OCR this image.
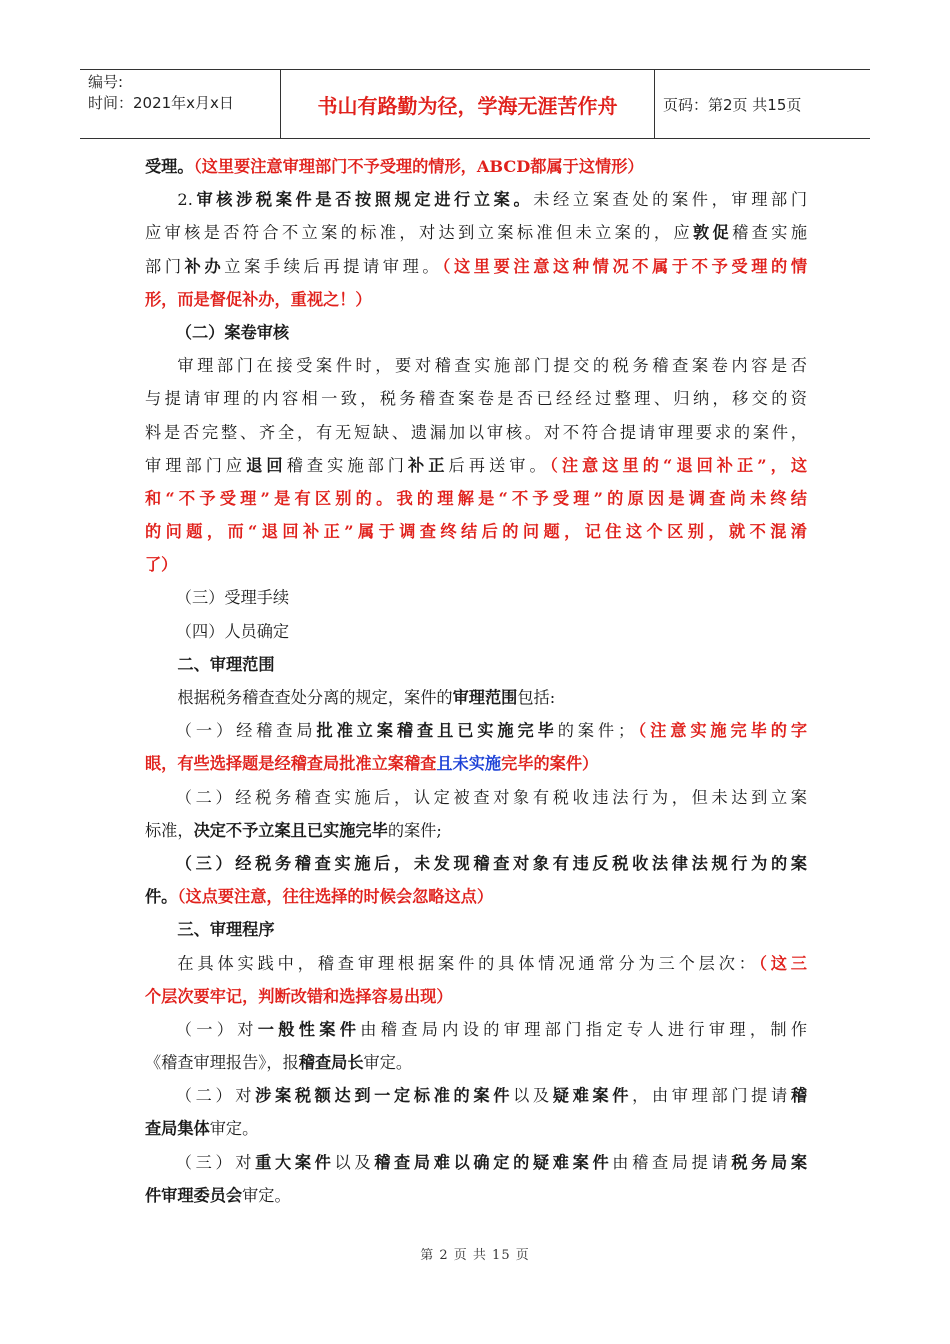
编号:
时间：2021年x月x日	书山有路勤为径，学海无涯苦作舟	页码：第2页 共15页
受理。（这里要注意审理部门不予受理的情形，ABCD都属于这情形）
2.审核涉税案件是否按照规定进行立案。未经立案查处的案件，审理部门
应审核是否符合不立案的标准，对达到立案标准但未立案的，应敦促稽查实施
部门补办立案手续后再提请审理。（这里要注意这种情况不属于不予受理的情
形，而是督促补办，重视之！）
（二）案卷审核
审理部门在接受案件时，要对稽查实施部门提交的税务稽查案卷内容是否
与提请审理的内容相一致，税务稽查案卷是否已经经过整理、归纳，移交的资
料是否完整、齐全，有无短缺、遗漏加以审核。对不符合提请审理要求的案件，
审理部门应退回稽查实施部门补正后再送审。（注意这里的“退回补正”，这
和“不予受理”是有区别的。我的理解是“不予受理”的原因是调查尚未终结
的问题，而“退回补正”属于调查终结后的问题，记住这个区别，就不混淆
了）
（三）受理手续
（四）人员确定
二、审理范围
根据税务稽查查处分离的规定，案件的审理范围包括:
（一）经稽查局批准立案稽查且已实施完毕的案件；（注意实施完毕的字
眼，有些选择题是经稽查局批准立案稽查且未实施完毕的案件）
（二）经税务稽查实施后，认定被查对象有税收违法行为，但未达到立案
标准，决定不予立案且已实施完毕的案件;
（三）经税务稽查实施后，未发现稽查对象有违反税收法律法规行为的案
件。（这点要注意，往往选择的时候会忽略这点）
三、审理程序
在具体实践中，稽查审理根据案件的具体情况通常分为三个层次：（这三
个层次要牢记，判断改错和选择容易出现）
（一）对一般性案件由稽查局内设的审理部门指定专人进行审理，制作
《稽查审理报告》，报稽查局长审定。
（二）对涉案税额达到一定标准的案件以及疑难案件，由审理部门提请稽
查局集体审定。
（三）对重大案件以及稽查局难以确定的疑难案件由稽查局提请税务局案
件审理委员会审定。
第 2 页 共 15 页
